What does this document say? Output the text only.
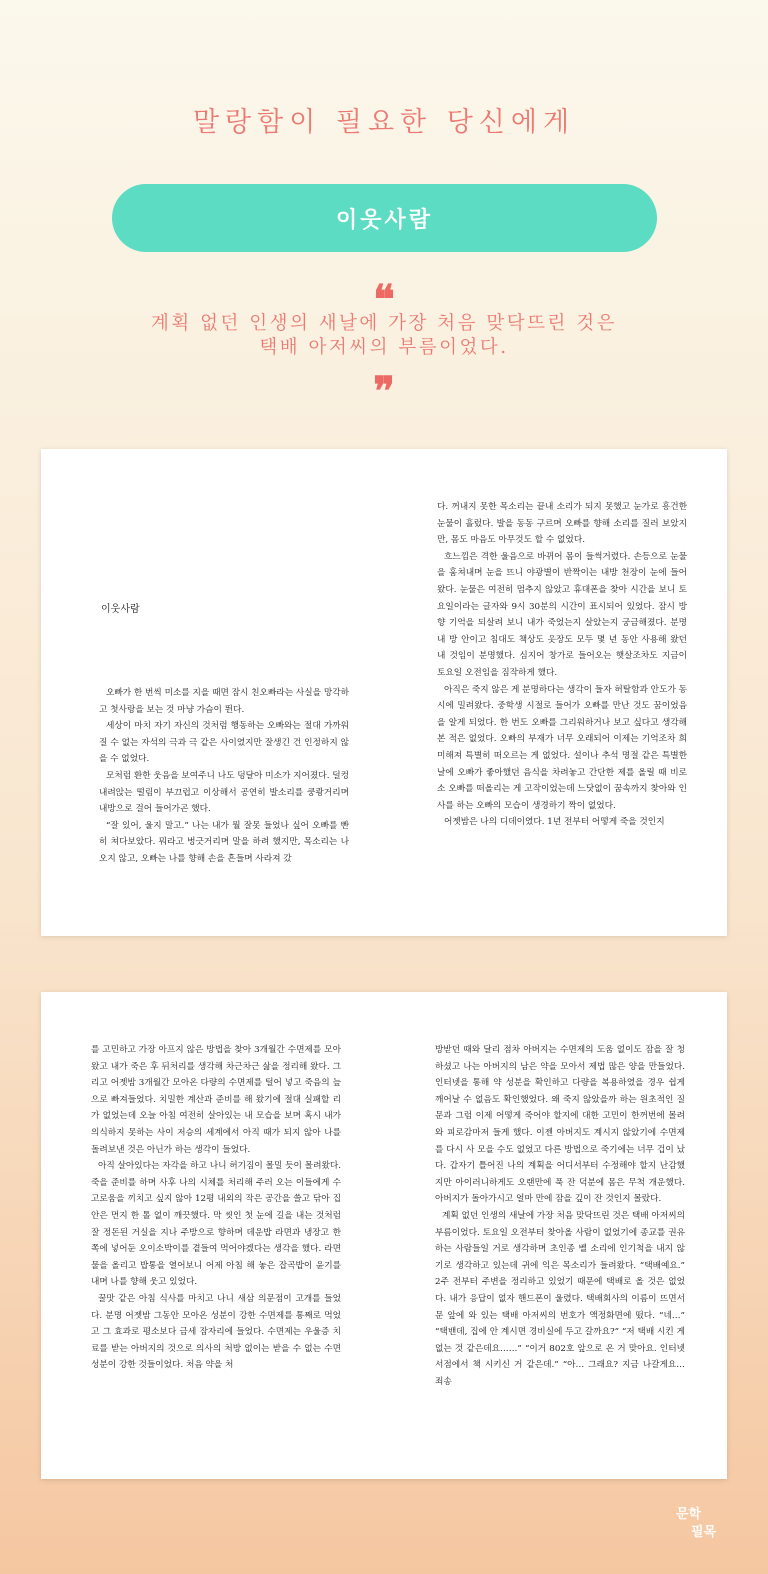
말랑함이 필요한 당신에게
이웃사람
❝
계획 없던 인생의 새날에 가장 처음 맞닥뜨린 것은
택배 아저씨의 부름이었다.
❞
이웃사람

오빠가 한 번씩 미소를 지을 때면 잠시 친오빠라는 사실을 망각하고 첫사랑을 보는 것 마냥 가슴이 뛴다.

세상이 마치 자기 자신의 것처럼 행동하는 오빠와는 절대 가까워질 수 없는 자석의 극과 극 같은 사이였지만 잘생긴 건 인정하지 않을 수 없었다.

모처럼 환한 웃음을 보여주니 나도 덩달아 미소가 지어졌다. 덜컹 내려앉는 떨림이 부끄럽고 이상해서 공연히 발소리를 쿵쾅거리며 내방으로 걸어 들어가곤 했다.

“잘 있어, 울지 말고.” 나는 내가 뭘 잘못 들었나 싶어 오빠를 빤히 쳐다보았다. 뭐라고 벙긋거리며 말을 하려 했지만, 목소리는 나오지 않고, 오빠는 나를 향해 손을 흔들며 사라져 갔

다. 꺼내지 못한 목소리는 끝내 소리가 되지 못했고 눈가로 흥건한 눈물이 흘렀다. 발을 동동 구르며 오빠를 향해 소리를 질러 보았지만, 몸도 마음도 아무것도 할 수 없었다.

흐느낌은 격한 울음으로 바뀌어 몸이 들썩거렸다. 손등으로 눈물을 훔쳐내며 눈을 뜨니 야광별이 반짝이는 내방 천장이 눈에 들어왔다. 눈물은 여전히 멈추지 않았고 휴대폰을 찾아 시간을 보니 토요일이라는 글자와 9시 30분의 시간이 표시되어 있었다. 잠시 방향 기억을 되살려 보니 내가 죽었는지 살았는지 궁금해졌다. 분명 내 방 안이고 침대도 책상도 옷장도 모두 몇 년 동안 사용해 왔던 내 것임이 분명했다. 심지어 창가로 들어오는 햇살조차도 지금이 토요일 오전임을 짐작하게 했다.

아직은 죽지 않은 게 분명하다는 생각이 들자 허탈함과 안도가 동시에 밀려왔다. 중학생 시절로 들어가 오빠를 만난 것도 꿈이었음을 알게 되었다. 한 번도 오빠를 그리워하거나 보고 싶다고 생각해본 적은 없었다. 오빠의 부재가 너무 오래되어 이제는 기억조차 희미해져 특별히 떠오르는 게 없었다. 설이나 추석 명절 같은 특별한 날에 오빠가 좋아했던 음식을 차려놓고 간단한 제를 올릴 때 비로소 오빠를 떠올리는 게 고작이었는데 느닷없이 꿈속까지 찾아와 인사를 하는 오빠의 모습이 생경하기 짝이 없었다.

어젯밤은 나의 디데이였다. 1년 전부터 어떻게 죽을 것인지

를 고민하고 가장 아프지 않은 방법을 찾아 3개월간 수면제를 모아왔고 내가 죽은 후 뒤처리를 생각해 차근차근 삶을 정리해 왔다. 그리고 어젯밤 3개월간 모아온 다량의 수면제를 털어 넣고 죽음의 늪으로 빠져들었다. 치밀한 계산과 준비를 해 왔기에 절대 실패할 리가 없었는데 오늘 아침 여전히 살아있는 내 모습을 보며 혹시 내가 의식하지 못하는 사이 저승의 세계에서 아직 때가 되지 않아 나를 돌려보낸 것은 아닌가 하는 생각이 들었다.

아직 살아있다는 자각을 하고 나니 허기짐이 몰밀 듯이 몰려왔다. 죽을 준비를 하며 사후 나의 시체를 처리해 주러 오는 이들에게 수고로움을 끼치고 싶지 않아 12평 내외의 작은 공간을 쓸고 닦아 집안은 먼지 한 톨 없이 깨끗했다. 막 씻인 첫 눈에 길을 내는 것처럼 잘 정돈된 거실을 지나 주방으로 향하며 데운밥 라면과 냉장고 한쪽에 넣어둔 오이소박이를 곁들여 먹어야겠다는 생각을 했다. 라면 물을 올리고 밥통을 열어보니 어제 아침 해 놓은 잡곡밥이 윤기를 내며 나를 향해 웃고 있었다.

꿀맛 같은 아침 식사를 마치고 나니 새삼 의문점이 고개를 들었다. 분명 어젯밤 그동안 모아온 성분이 강한 수면제를 통째로 먹었고 그 효과로 평소보다 금세 잠자리에 들었다. 수면제는 우울증 치료를 받는 아버지의 것으로 의사의 처방 없이는 받을 수 없는 수면 성분이 강한 것들이었다. 처음 약을 처

방받던 때와 달리 점차 아버지는 수면제의 도움 없이도 잠을 잘 청하셨고 나는 아버지의 남은 약을 모아서 제법 많은 양을 만들었다. 인터넷을 통해 약 성분을 확인하고 다량을 복용하였을 경우 쉽게 깨어날 수 없음도 확인했었다. 왜 죽지 않았을까 하는 원초적인 질문과 그럼 이제 어떻게 죽어야 할지에 대한 고민이 한꺼번에 몰려와 피로감마저 들게 했다. 이젠 아버지도 계시지 않았기에 수면제를 다시 사 모을 수도 없었고 다른 방법으로 죽기에는 너무 겁이 났다. 갑자기 틀어진 나의 계획을 어디서부터 수정해야 할지 난감했지만 아이러니하게도 오랜만에 푹 잔 덕분에 몸은 무척 개운했다. 아버지가 돌아가시고 얼마 만에 잠을 깊이 잔 것인지 몰랐다.

계획 없던 인생의 새날에 가장 처음 맞닥뜨린 것은 택배 아저씨의 부름이었다. 토요일 오전부터 찾아올 사람이 없었기에 종교를 권유하는 사람들일 거로 생각하며 초인종 벨 소리에 인기척을 내지 않기로 생각하고 있는데 귀에 익은 목소리가 들려왔다. “택배예요.” 2주 전부터 주변을 정리하고 있었기 때문에 택배로 올 것은 없었다. 내가 응답이 없자 핸드폰이 울렸다. 택배회사의 이름이 뜨면서 문 앞에 와 있는 택배 아저씨의 번호가 액정화면에 떴다. “네…” “택밴데, 집에 안 계시면 경비실에 두고 갈까요?” “저 택배 시킨 게 없는 것 같은데요……” “이거 802호 앞으로 온 거 맞아요. 인터넷 서점에서 책 시키신 거 같은데.” “아… 그래요? 지금 나갈게요… 죄송

문학
필목
